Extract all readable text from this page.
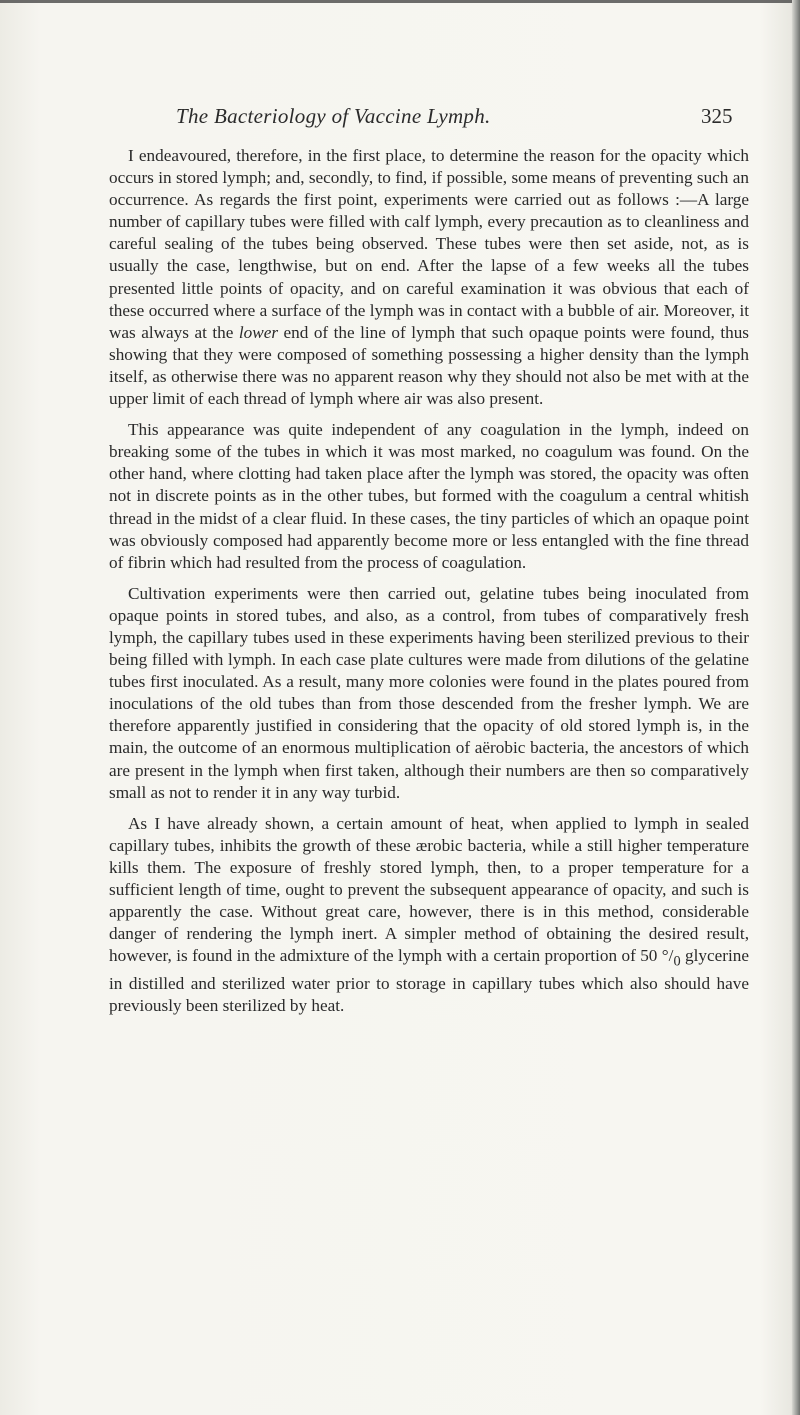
The Bacteriology of Vaccine Lymph.	325

I endeavoured, therefore, in the first place, to determine the reason for the opacity which occurs in stored lymph; and, secondly, to find, if possible, some means of preventing such an occurrence. As regards the first point, experiments were carried out as follows :—A large number of capillary tubes were filled with calf lymph, every precaution as to cleanliness and careful sealing of the tubes being observed. These tubes were then set aside, not, as is usually the case, lengthwise, but on end. After the lapse of a few weeks all the tubes presented little points of opacity, and on careful examination it was obvious that each of these occurred where a surface of the lymph was in contact with a bubble of air. Moreover, it was always at the lower end of the line of lymph that such opaque points were found, thus showing that they were composed of something possessing a higher density than the lymph itself, as otherwise there was no apparent reason why they should not also be met with at the upper limit of each thread of lymph where air was also present.

This appearance was quite independent of any coagulation in the lymph, indeed on breaking some of the tubes in which it was most marked, no coagulum was found. On the other hand, where clotting had taken place after the lymph was stored, the opacity was often not in discrete points as in the other tubes, but formed with the coagulum a central whitish thread in the midst of a clear fluid. In these cases, the tiny particles of which an opaque point was obviously composed had apparently become more or less entangled with the fine thread of fibrin which had resulted from the process of coagulation.

Cultivation experiments were then carried out, gelatine tubes being inoculated from opaque points in stored tubes, and also, as a control, from tubes of comparatively fresh lymph, the capillary tubes used in these experiments having been sterilized previous to their being filled with lymph. In each case plate cultures were made from dilutions of the gelatine tubes first inoculated. As a result, many more colonies were found in the plates poured from inoculations of the old tubes than from those descended from the fresher lymph. We are therefore apparently justified in considering that the opacity of old stored lymph is, in the main, the outcome of an enormous multiplication of aërobic bacteria, the ancestors of which are present in the lymph when first taken, although their numbers are then so comparatively small as not to render it in any way turbid.

As I have already shown, a certain amount of heat, when applied to lymph in sealed capillary tubes, inhibits the growth of these ærobic bacteria, while a still higher temperature kills them. The exposure of freshly stored lymph, then, to a proper temperature for a sufficient length of time, ought to prevent the subsequent appearance of opacity, and such is apparently the case. Without great care, however, there is in this method, considerable danger of rendering the lymph inert. A simpler method of obtaining the desired result, however, is found in the admixture of the lymph with a certain proportion of 50 $^\circ/_0$ glycerine in distilled and sterilized water prior to storage in capillary tubes which also should have previously been sterilized by heat.
